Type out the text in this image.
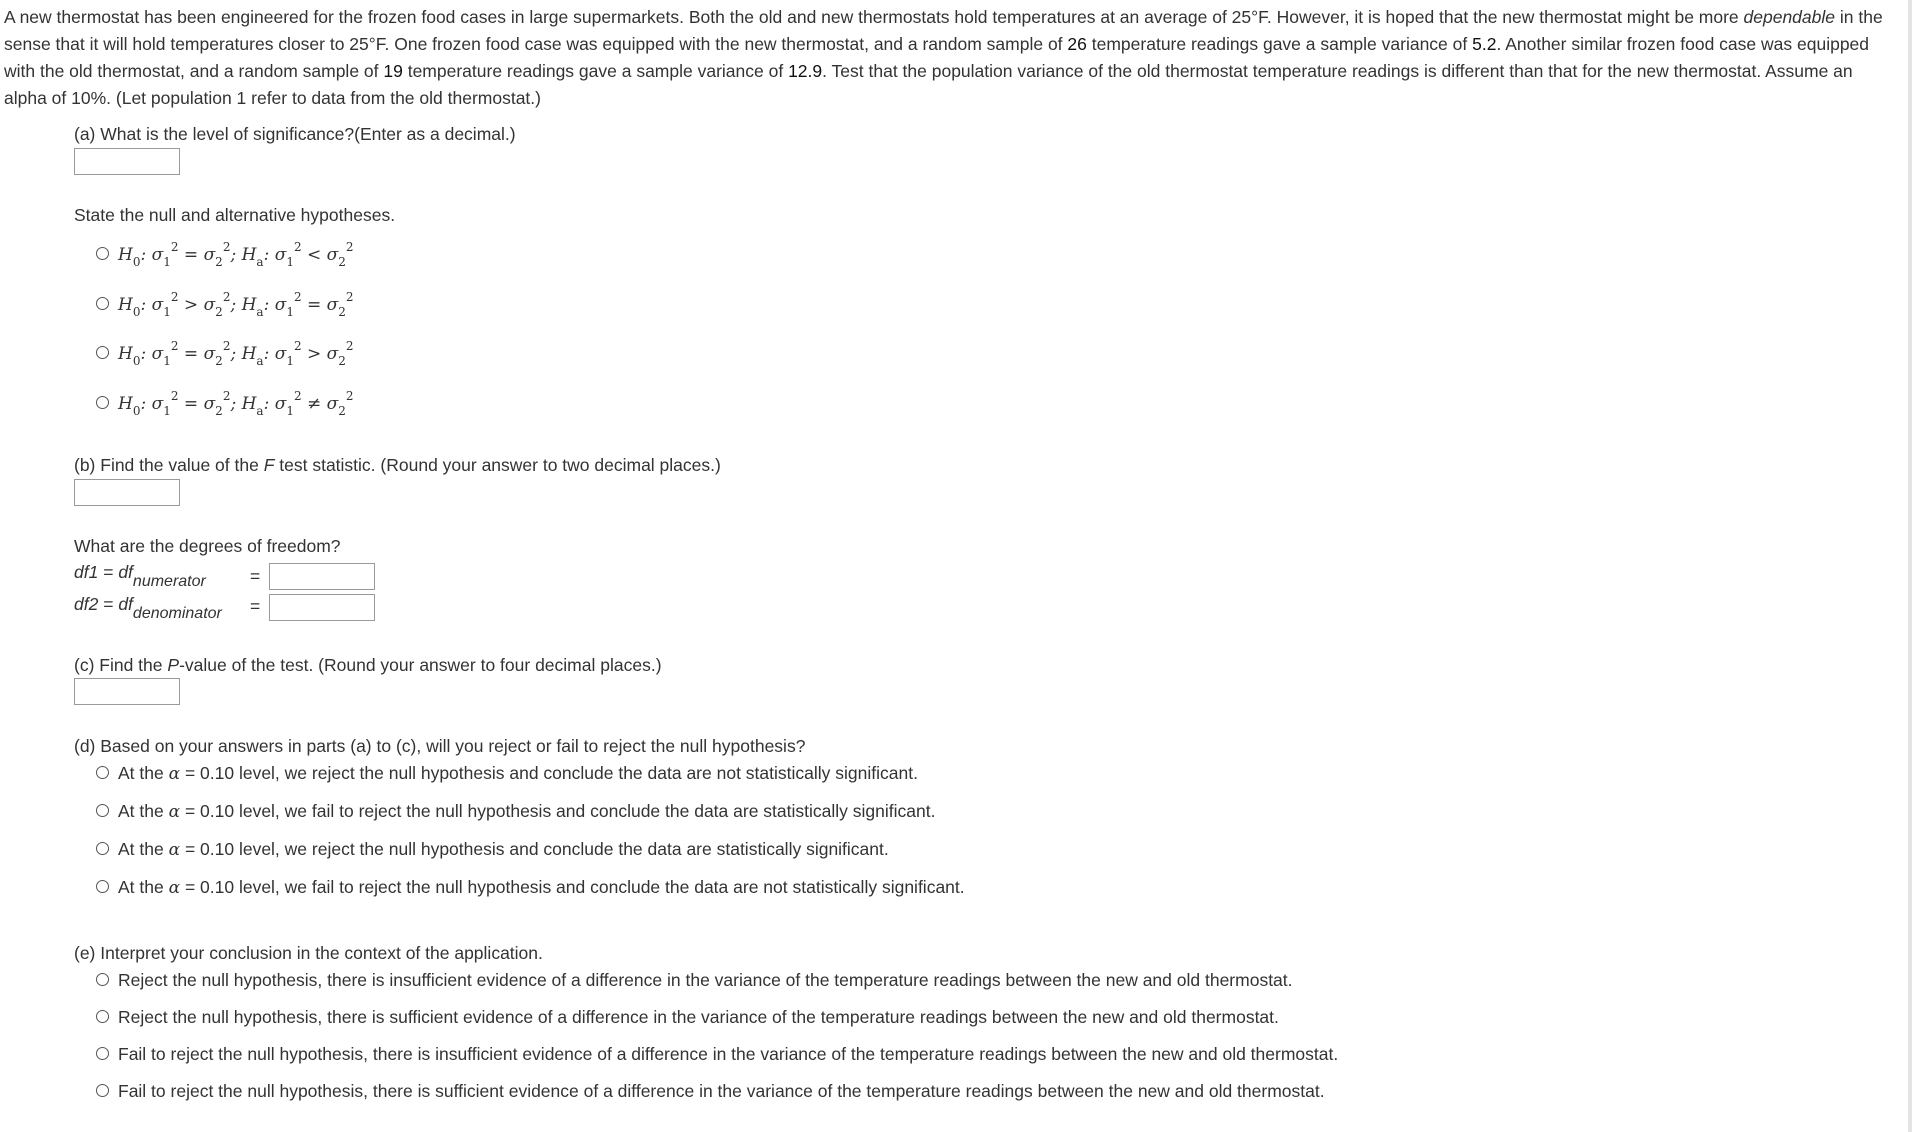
A new thermostat has been engineered for the frozen food cases in large supermarkets. Both the old and new thermostats hold temperatures at an average of 25°F. However, it is hoped that the new thermostat might be more dependable in the sense that it will hold temperatures closer to 25°F. One frozen food case was equipped with the new thermostat, and a random sample of 26 temperature readings gave a sample variance of 5.2. Another similar frozen food case was equipped with the old thermostat, and a random sample of 19 temperature readings gave a sample variance of 12.9. Test that the population variance of the old thermostat temperature readings is different than that for the new thermostat. Assume an alpha of 10%. (Let population 1 refer to data from the old thermostat.)
(a) What is the level of significance?(Enter as a decimal.)
State the null and alternative hypotheses.
$H_0$: $\sigma_1^2 = \sigma_2^2$; $H_a$: $\sigma_1^2 < \sigma_2^2$
$H_0$: $\sigma_1^2 > \sigma_2^2$; $H_a$: $\sigma_1^2 = \sigma_2^2$
$H_0$: $\sigma_1^2 = \sigma_2^2$; $H_a$: $\sigma_1^2 > \sigma_2^2$
$H_0$: $\sigma_1^2 = \sigma_2^2$; $H_a$: $\sigma_1^2 \ne \sigma_2^2$
(b) Find the value of the F test statistic. (Round your answer to two decimal places.)
What are the degrees of freedom?
df1 = dfnumerator	=
df2 = dfdenominator =
(c) Find the P-value of the test. (Round your answer to four decimal places.)
(d) Based on your answers in parts (a) to (c), will you reject or fail to reject the null hypothesis?
At the α = 0.10 level, we reject the null hypothesis and conclude the data are not statistically significant.
At the α = 0.10 level, we fail to reject the null hypothesis and conclude the data are statistically significant.
At the α = 0.10 level, we reject the null hypothesis and conclude the data are statistically significant.
At the α = 0.10 level, we fail to reject the null hypothesis and conclude the data are not statistically significant.
(e) Interpret your conclusion in the context of the application.
Reject the null hypothesis, there is insufficient evidence of a difference in the variance of the temperature readings between the new and old thermostat.
Reject the null hypothesis, there is sufficient evidence of a difference in the variance of the temperature readings between the new and old thermostat.
Fail to reject the null hypothesis, there is insufficient evidence of a difference in the variance of the temperature readings between the new and old thermostat.
Fail to reject the null hypothesis, there is sufficient evidence of a difference in the variance of the temperature readings between the new and old thermostat.
